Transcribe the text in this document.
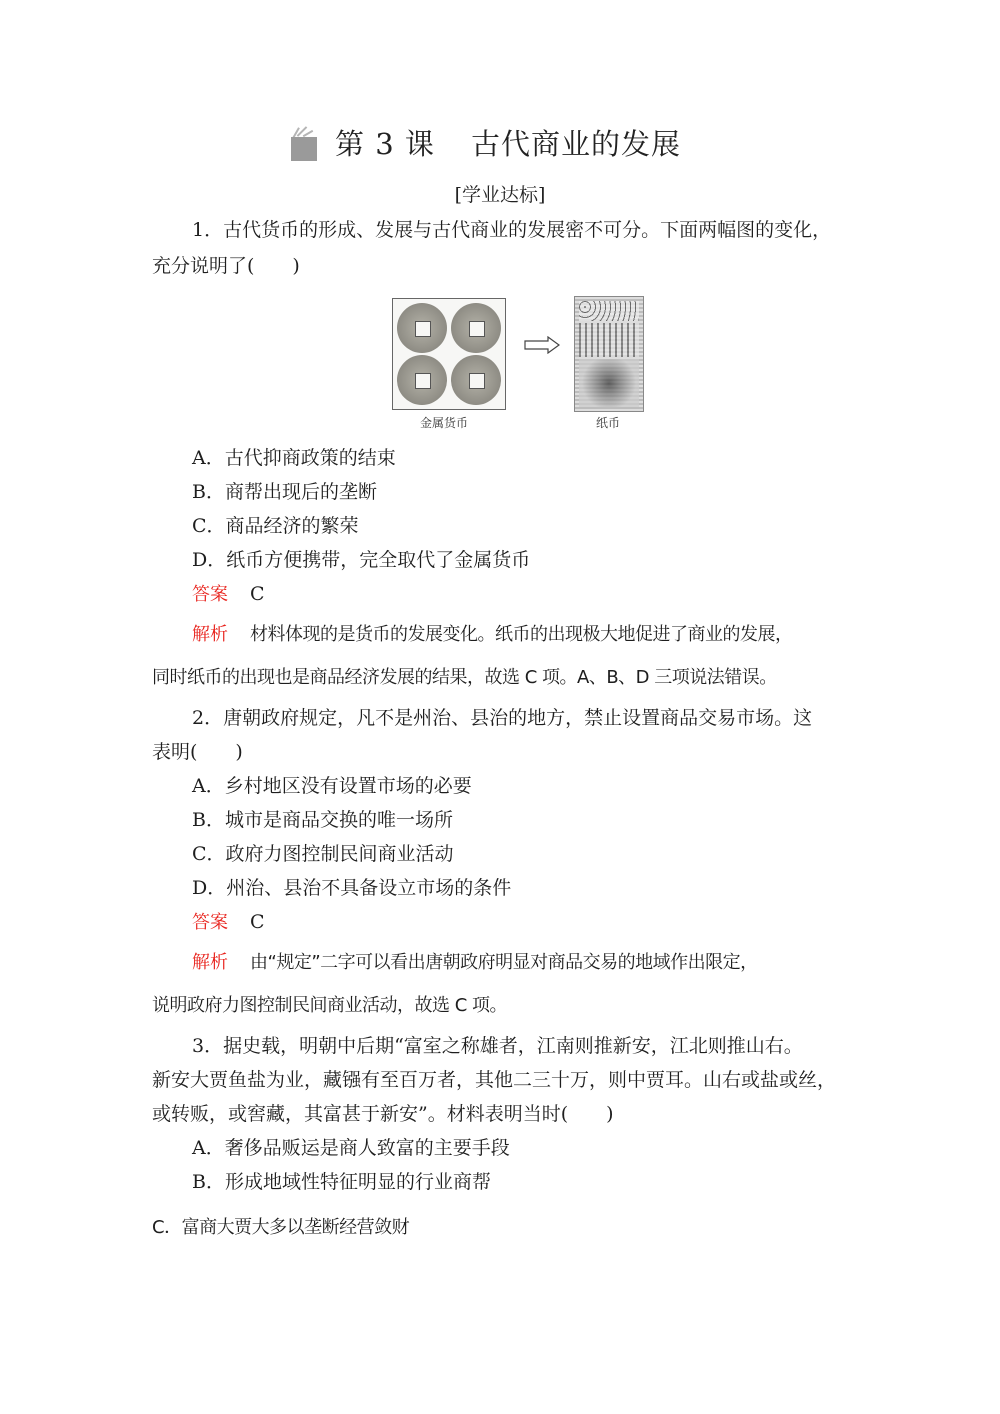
第 3 课 古代商业的发展
[学业达标]
1．古代货币的形成、发展与古代商业的发展密不可分。下面两幅图的变化，
充分说明了(　　)
金属货币	纸币
A．古代抑商政策的结束
B．商帮出现后的垄断
C．商品经济的繁荣
D．纸币方便携带，完全取代了金属货币
答案 C
解析 材料体现的是货币的发展变化。纸币的出现极大地促进了商业的发展，
同时纸币的出现也是商品经济发展的结果，故选 C 项。A、B、D 三项说法错误。
2．唐朝政府规定，凡不是州治、县治的地方，禁止设置商品交易市场。这
表明(　　)
A．乡村地区没有设置市场的必要
B．城市是商品交换的唯一场所
C．政府力图控制民间商业活动
D．州治、县治不具备设立市场的条件
答案 C
解析 由“规定”二字可以看出唐朝政府明显对商品交易的地域作出限定，
说明政府力图控制民间商业活动，故选 C 项。
3．据史载，明朝中后期“富室之称雄者，江南则推新安，江北则推山右。
新安大贾鱼盐为业，藏镪有至百万者，其他二三十万，则中贾耳。山右或盐或丝，
或转贩，或窖藏，其富甚于新安”。材料表明当时(　　)
A．奢侈品贩运是商人致富的主要手段
B．形成地域性特征明显的行业商帮
C．富商大贾大多以垄断经营敛财
